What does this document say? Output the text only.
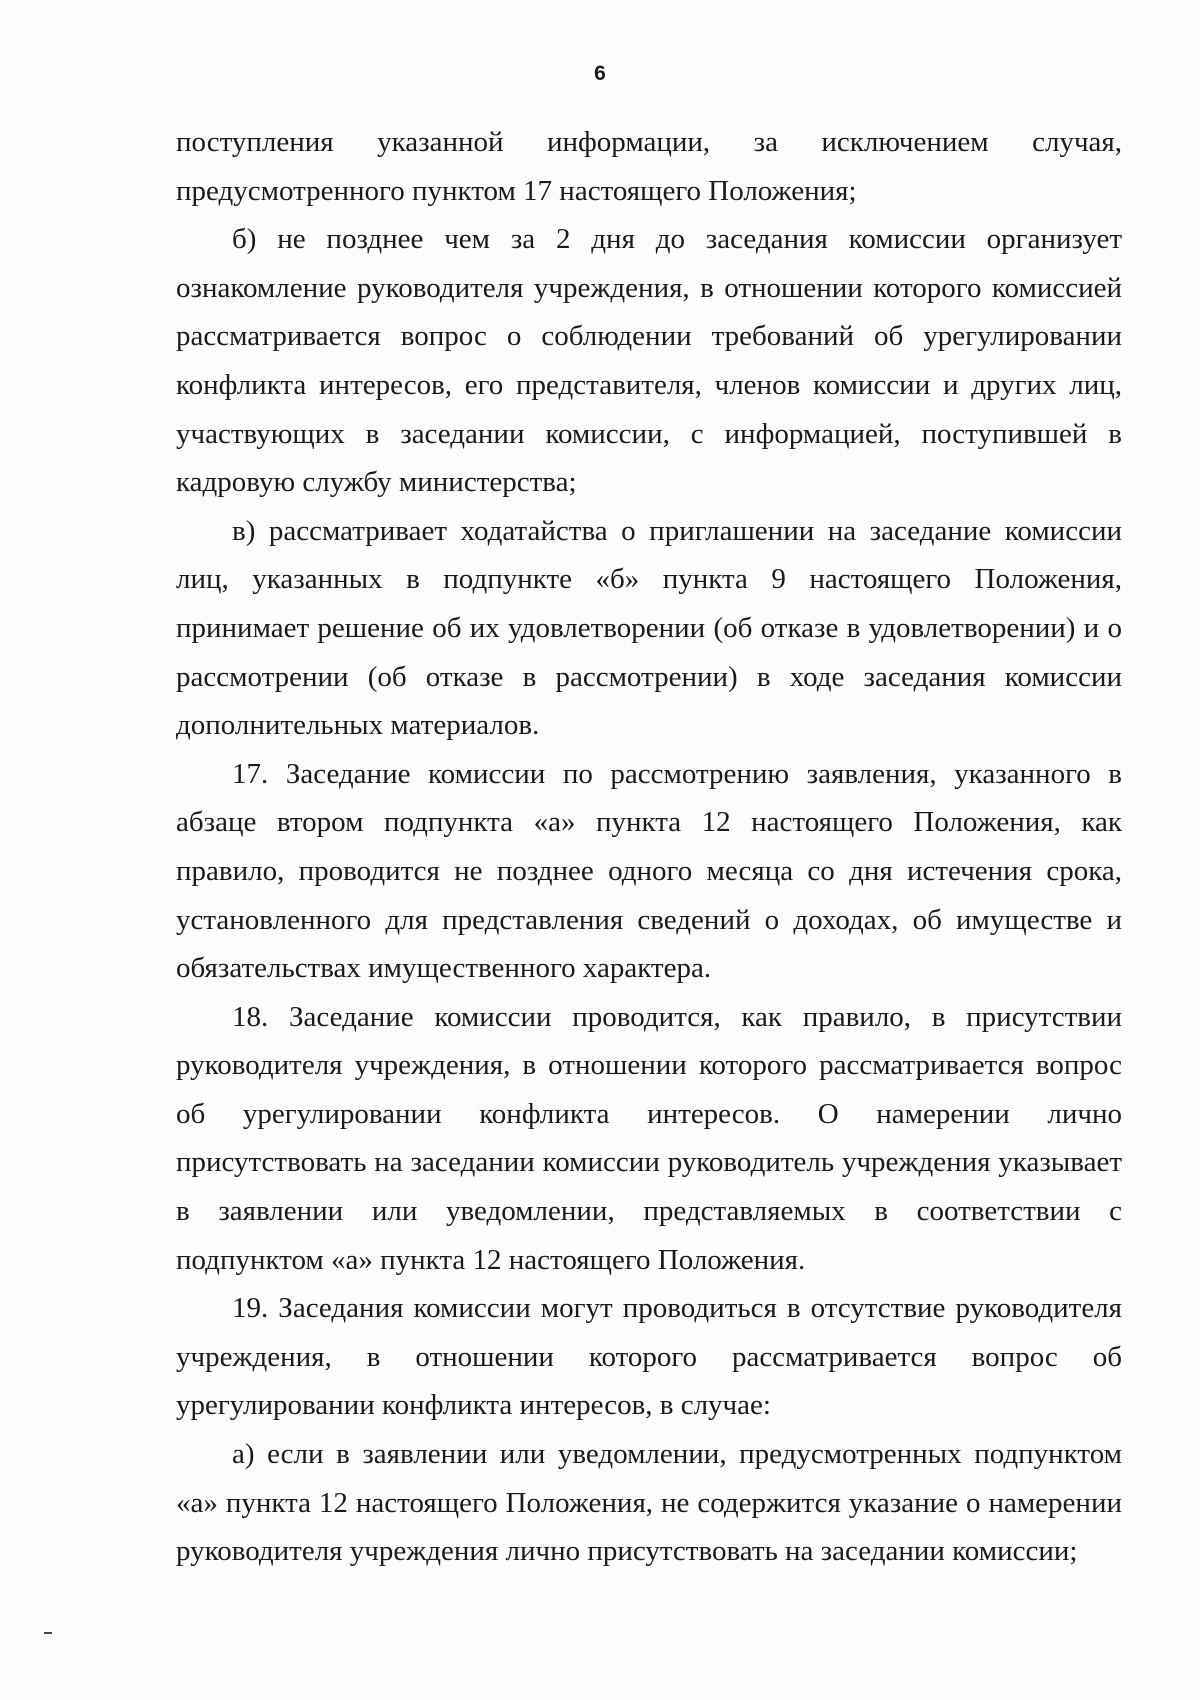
6

поступления указанной информации, за исключением случая, предусмотренного пунктом 17 настоящего Положения;

б) не позднее чем за 2 дня до заседания комиссии организует ознакомление руководителя учреждения, в отношении которого комиссией рассматривается вопрос о соблюдении требований об урегулировании конфликта интересов, его представителя, членов комиссии и других лиц, участвующих в заседании комиссии, с информацией, поступившей в кадровую службу министерства;

в) рассматривает ходатайства о приглашении на заседание комиссии лиц, указанных в подпункте «б» пункта 9 настоящего Положения, принимает решение об их удовлетворении (об отказе в удовлетворении) и о рассмотрении (об отказе в рассмотрении) в ходе заседания комиссии дополнительных материалов.

17. Заседание комиссии по рассмотрению заявления, указанного в абзаце втором подпункта «а» пункта 12 настоящего Положения, как правило, проводится не позднее одного месяца со дня истечения срока, установленного для представления сведений о доходах, об имуществе и обязательствах имущественного характера.

18. Заседание комиссии проводится, как правило, в присутствии руководителя учреждения, в отношении которого рассматривается вопрос об урегулировании конфликта интересов. О намерении лично присутствовать на заседании комиссии руководитель учреждения указывает в заявлении или уведомлении, представляемых в соответствии с подпунктом «а» пункта 12 настоящего Положения.

19. Заседания комиссии могут проводиться в отсутствие руководителя учреждения, в отношении которого рассматривается вопрос об урегулировании конфликта интересов, в случае:

а) если в заявлении или уведомлении, предусмотренных подпунктом «а» пункта 12 настоящего Положения, не содержится указание о намерении руководителя учреждения лично присутствовать на заседании комиссии;
